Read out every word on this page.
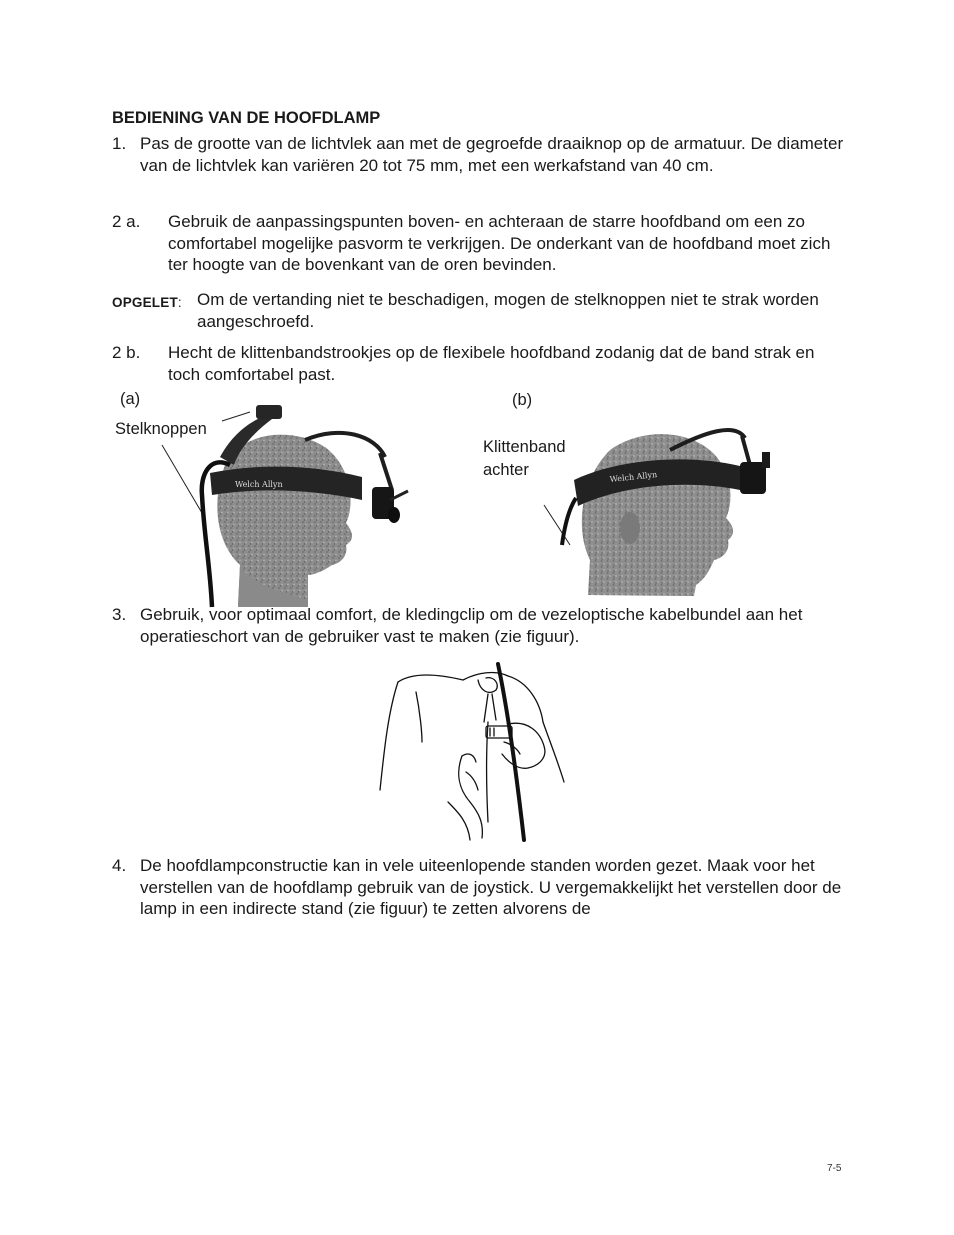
BEDIENING VAN DE HOOFDLAMP
1. Pas de grootte van de lichtvlek aan met de gegroefde draaiknop op de armatuur. De diameter van de lichtvlek kan variëren 20 tot 75 mm, met een werkafstand van 40 cm.
2 a. Gebruik de aanpassingspunten boven- en achteraan de starre hoofdband om een zo comfortabel mogelijke pasvorm te verkrijgen. De onderkant van de hoofdband moet zich ter hoogte van de bovenkant van de oren bevinden.
OPGELET: Om de vertanding niet te beschadigen, mogen de stelknoppen niet te strak worden aangeschroefd.
2 b. Hecht de klittenbandstrookjes op de flexibele hoofdband zodanig dat de band strak en toch comfortabel past.
(a)
Stelknoppen
Welch Allyn
(b)
Klittenband
achter	Welch Allyn
3. Gebruik, voor optimaal comfort, de kledingclip om de vezeloptische kabelbundel aan het operatieschort van de gebruiker vast te maken (zie figuur).
4. De hoofdlampconstructie kan in vele uiteenlopende standen worden gezet. Maak voor het verstellen van de hoofdlamp gebruik van de joystick. U vergemakkelijkt het verstellen door de lamp in een indirecte stand (zie figuur) te zetten alvorens de
7-5
